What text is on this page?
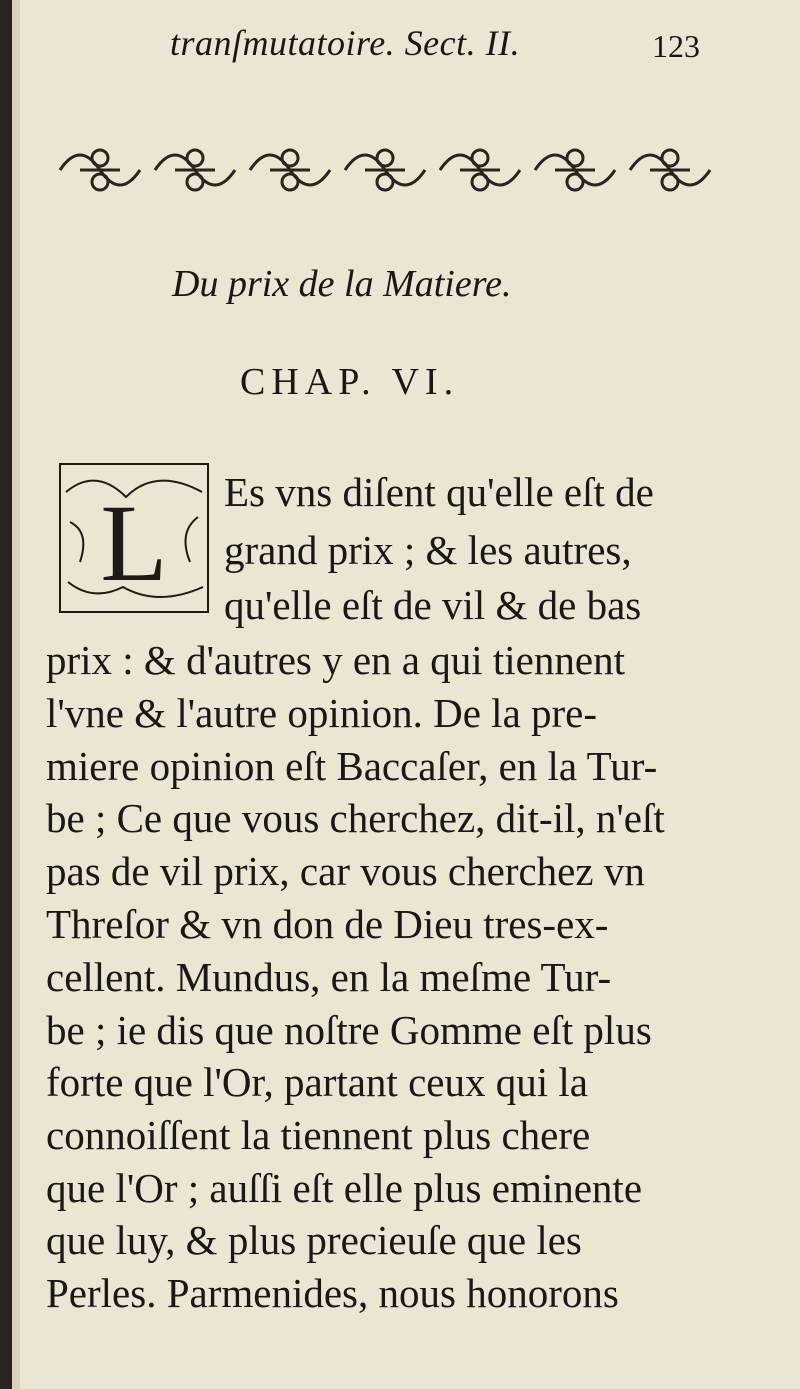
tranſmutatoire. Sect. II.	123
Du prix de la Matiere.
CHAP. VI.
L Es vns diſent qu'elle eſt de
grand prix ; & les autres,
qu'elle eſt de vil & de bas
prix : & d'autres y en a qui tiennent
l'vne & l'autre opinion. De la pre-
miere opinion eſt Baccaſer, en la Tur-
be ; Ce que vous cherchez, dit-il, n'eſt
pas de vil prix, car vous cherchez vn
Threſor & vn don de Dieu tres-ex-
cellent. Mundus, en la meſme Tur-
be ; ie dis que noſtre Gomme eſt plus
forte que l'Or, partant ceux qui la
connoiſſent la tiennent plus chere
que l'Or ; auſſi eſt elle plus eminente
que luy, & plus precieuſe que les
Perles. Parmenides, nous honorons
